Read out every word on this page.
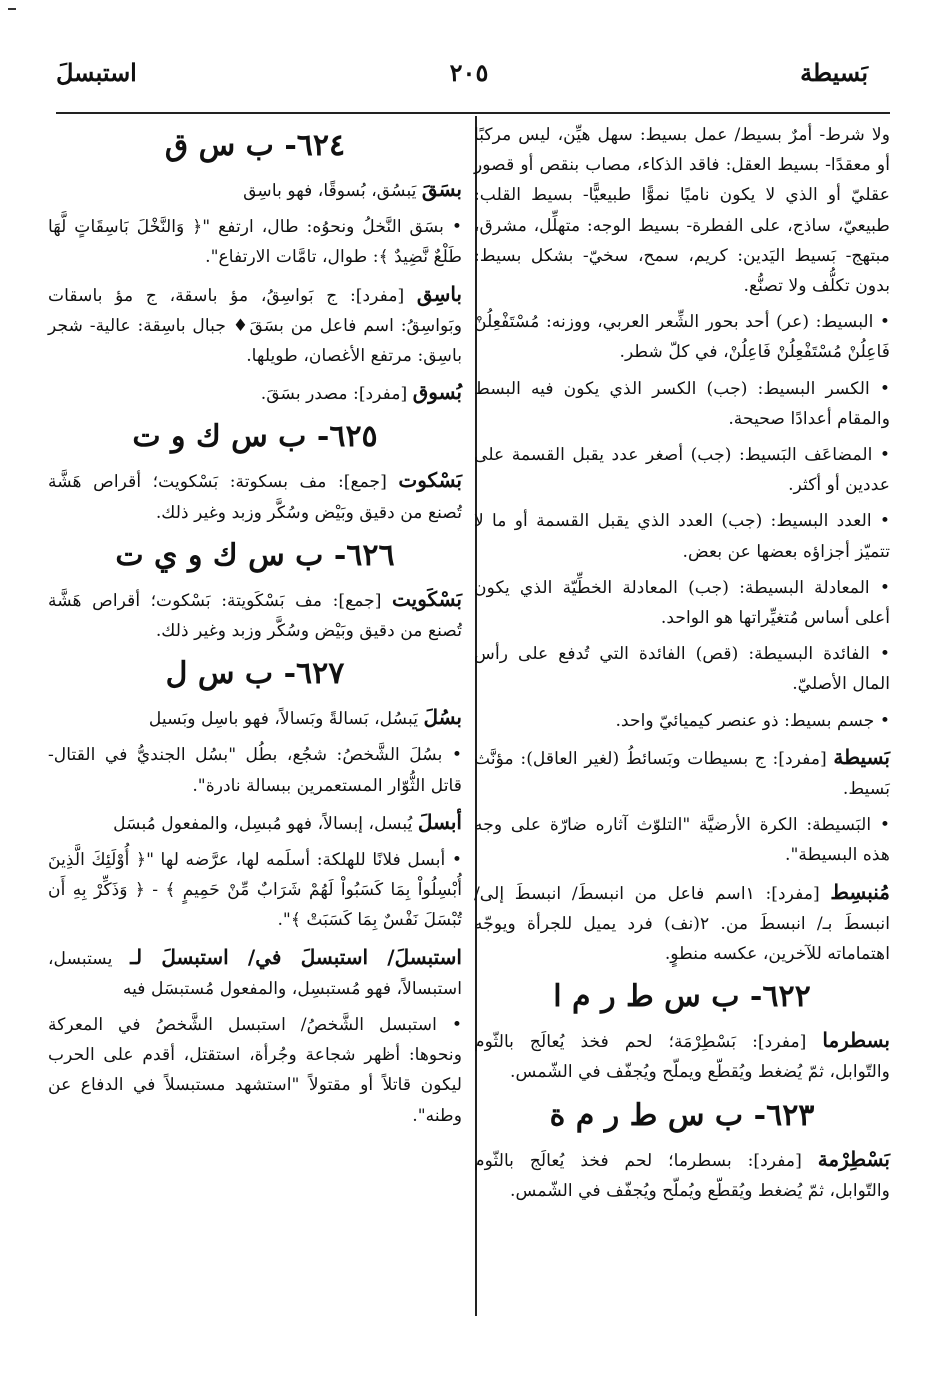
بَسيطة
٢٠٥
استبسلَ

ولا شرط- أمرٌ بسيط/ عمل بسيط: سهل هيِّن، ليس مركبًا أو معقدًا- بسيط العقل: فاقد الذكاء، مصاب بنقص أو قصور عقليّ أو الذي لا يكون ناميًا نموًّا طبيعيًّا- بسيط القلب: طبيعيّ، ساذج، على الفطرة- بسيط الوجه: متهلِّل، مشرق، مبتهج- بَسيط اليَدين: كريم، سمح، سخيّ- بشكل بسيط: بدون تكلُّف ولا تصنُّع.

• البسيط: (عر) أحد بحور الشِّعر العربي، ووزنه: مُسْتَفْعِلُنْ فَاعِلُنْ مُسْتَفْعِلُنْ فَاعِلُنْ، في كلّ شطر.

• الكسر البسيط: (جب) الكسر الذي يكون فيه البسط والمقام أعدادًا صحيحة.

• المضاعَف البَسيط: (جب) أصغر عدد يقبل القسمة على عددين أو أكثر.

• العدد البسيط: (جب) العدد الذي يقبل القسمة أو ما لا تتميّز أجزاؤه بعضها عن بعض.

• المعادلة البسيطة: (جب) المعادلة الخطِّيّة الذي يكون أعلى أساس مُتغيِّراتها هو الواحد.

• الفائدة البسيطة: (قص) الفائدة التي تُدفع على رأس المال الأصليّ.

• جسم بسيط: ذو عنصر كيميائيّ واحد.

بَسيطة [مفرد]: ج بسيطات وبَسائطُ (لغير العاقل): مؤنَّث بَسيط.

• البَسيطة: الكرة الأرضيَّة "التلوّث آثاره ضارّة على وجه هذه البسيطة".

مُنبسِط [مفرد]: ١اسم فاعل من انبسطَ/ انبسطَ إلى/ انبسطَ بـ/ انبسطَ من. ٢(نف) فرد يميل للجرأة ويوجّه اهتماماته للآخرين، عكسه منطوٍ.

٦٢٢- ب س ط ر م ا

بسطرما [مفرد]: بَسْطِرْمَة؛ لحم فخذ يُعالَج بالثّوم والتّوابل، ثمّ يُضغط ويُقطّع ويملّح ويُجفّف في الشّمس.

٦٢٣- ب س ط ر م ة

بَسْطِرْمة [مفرد]: بسطرما؛ لحم فخذ يُعالَج بالثّوم والتّوابل، ثمّ يُضغط ويُقطّع ويُملّح ويُجفّف في الشّمس.

٦٢٤- ب س ق

بسَقَ يَبسُق، بُسوقًا، فهو باسِق

• بسَق النَّخلُ ونحوُه: طال، ارتفع "﴿ وَالنَّخْلَ بَاسِقَاتٍ لَّهَا طَلْعٌ نَّضِيدٌ ﴾: طوال، تامَّات الارتفاع".

باسِق [مفرد]: ج بَواسِقُ، مؤ باسقة، ج مؤ باسقات وبَواسِقُ: اسم فاعل من بسَقَ♦ جبال باسِقة: عالية- شجر باسِق: مرتفع الأغصان، طويلها.

بُسوق [مفرد]: مصدر بسَقَ.

٦٢٥- ب س ك و ت

بَسْكوت [جمع]: مف بسكوتة: بَسْكويت؛ أقراص هَشَّة تُصنع من دقيق وبَيْض وسُكَّر وزبد وغير ذلك.

٦٢٦- ب س ك و ي ت

بَسْكَويت [جمع]: مف بَسْكَويتة: بَسْكوت؛ أقراص هَشَّة تُصنع من دقيق وبَيْض وسُكَّر وزبد وغير ذلك.

٦٢٧- ب س ل

بسُلَ يَبسُل، بَسالةً وبَسالاً، فهو باسِل وبَسيل

• بسُلَ الشَّخصُ: شجُع، بطُل "بسُل الجنديُّ في القتال- قاتل الثُّوّار المستعمرين ببسالة نادرة".

أبسلَ يُبسل، إبسالاً، فهو مُبسِل، والمفعول مُبسَل

• أبسل فلانًا للهلكة: أسلَمه لها، عرَّضه لها "﴿ أُوْلَئِكَ الَّذِينَ أُبْسِلُواْ بِمَا كَسَبُواْ لَهُمْ شَرَابٌ مِّنْ حَمِيمٍ ﴾ - ﴿ وَذَكِّرْ بِهِ أَن تُبْسَلَ نَفْسٌ بِمَا كَسَبَتْ ﴾".

استبسلَ/ استبسلَ في/ استبسلَ لـ يستبسل، استبسالاً، فهو مُستبسِل، والمفعول مُستبسَل فيه

• استبسل الشَّخصُ/ استبسل الشَّخصُ في المعركة ونحوها: أظهر شجاعة وجُرأة، استقتل، أقدم على الحرب ليكون قاتلاً أو مقتولاً "استشهد مستبسلاً في الدفاع عن وطنه".
